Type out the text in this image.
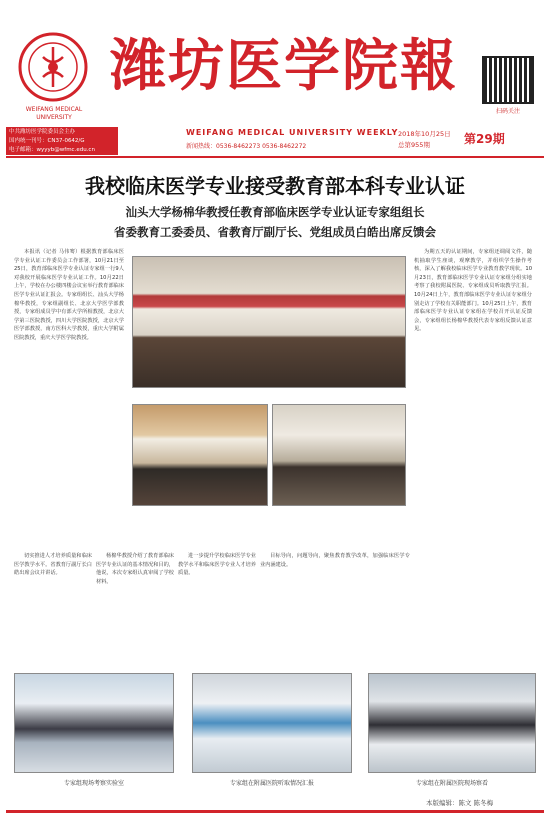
WEIFANG MEDICAL UNIVERSITY
潍坊医学院報
扫码关注
中共潍坊医学院委员会主办
国内统一刊号：CN37-0642/G
电子邮箱：wyyyb@wfmc.edu.cn
WEIFANG MEDICAL UNIVERSITY WEEKLY
新闻热线：0536-8462273 0536-8462272
2018年10月25日
总第955期	第29期
我校临床医学专业接受教育部本科专业认证
汕头大学杨棉华教授任教育部临床医学专业认证专家组组长
省委教育工委委员、省教育厅副厅长、党组成员白皓出席反馈会

本报讯（记者 马伟骞）根据教育部临床医学专业认证工作委员会工作部署，10月21日至25日，教育部临床医学专业认证专家组一行9人对我校开展临床医学专业认证工作。10月22日上午，学校在办公楼四楼会议室举行教育部临床医学专业认证汇报会。专家组组长、汕头大学杨棉华教授，专家组副组长、北京大学医学部教授，专家组成员学中有部大学所相教授，北京大学第三医院教授，四川大学医院教授，北京大学医学部教授，南方医科大学教授，重庆大学附属医院教授，重庆大学医学院教授。

为期五天的认证期间，专家组还调阅文件，随机抽取学生座谈，观摩教学，并组织学生操作考核，深入了解我校临床医学专业教育教学现状。10月23日，教育部临床医学专业认证专家组分组实地考察了我校附属医院、专家组成员听取教学汇报。10月24日上午，教育部临床医学专业认证专家组分别走访了学校有关职能部门。10月25日上午，教育部临床医学专业认证专家组在学校召开认证反馈会，专家组组长杨棉华教授代表专家组反馈认证意见。

切实推进人才培养质量和临床医学教学水平。省教育厅副厅长白皓出席会议并讲话。

杨棉华教授介绍了教育部临床医学专业认证的基本情况和目的，他说，本次专家组认真审阅了学校材料。

进一步提升学校临床医学专业教学水平和临床医学专业人才培养质量。

目标导向，问题导向，聚焦教育教学改革，加强临床医学专业内涵建设。

专家组现场考察实验室	专家组在附属医院听取情况汇报	专家组在附属医院现场察看
本版编辑：陈文 陈冬梅
